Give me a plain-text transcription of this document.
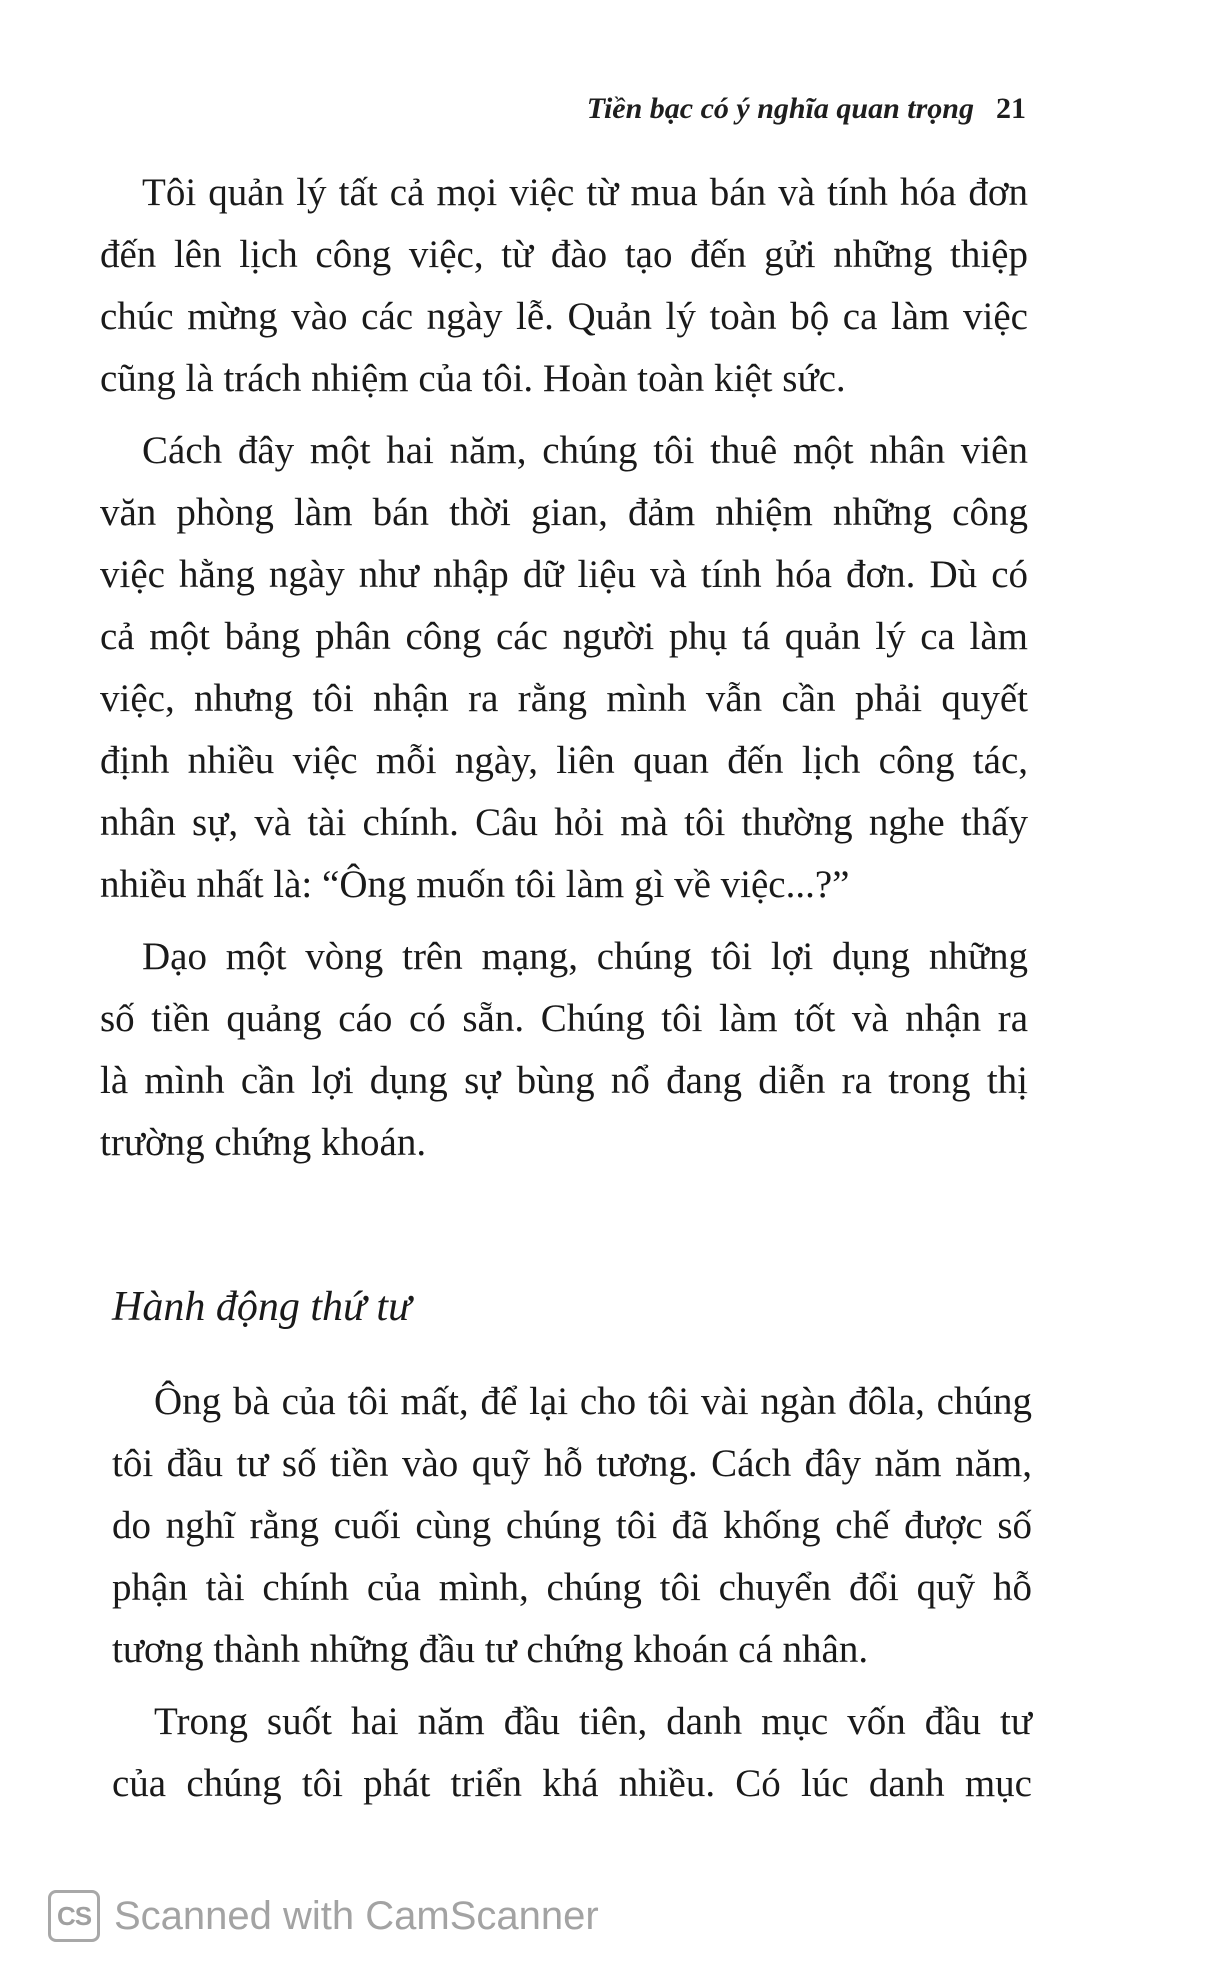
Tiền bạc có ý nghĩa quan trọng 21

Tôi quản lý tất cả mọi việc từ mua bán và tính hóa đơn
đến lên lịch công việc, từ đào tạo đến gửi những thiệp
chúc mừng vào các ngày lễ. Quản lý toàn bộ ca làm việc
cũng là trách nhiệm của tôi. Hoàn toàn kiệt sức.

Cách đây một hai năm, chúng tôi thuê một nhân viên
văn phòng làm bán thời gian, đảm nhiệm những công
việc hằng ngày như nhập dữ liệu và tính hóa đơn. Dù có
cả một bảng phân công các người phụ tá quản lý ca làm
việc, nhưng tôi nhận ra rằng mình vẫn cần phải quyết
định nhiều việc mỗi ngày, liên quan đến lịch công tác,
nhân sự, và tài chính. Câu hỏi mà tôi thường nghe thấy
nhiều nhất là: “Ông muốn tôi làm gì về việc...?”

Dạo một vòng trên mạng, chúng tôi lợi dụng những
số tiền quảng cáo có sẵn. Chúng tôi làm tốt và nhận ra
là mình cần lợi dụng sự bùng nổ đang diễn ra trong thị
trường chứng khoán.

Hành động thứ tư

Ông bà của tôi mất, để lại cho tôi vài ngàn đôla, chúng
tôi đầu tư số tiền vào quỹ hỗ tương. Cách đây năm năm,
do nghĩ rằng cuối cùng chúng tôi đã khống chế được số
phận tài chính của mình, chúng tôi chuyển đổi quỹ hỗ
tương thành những đầu tư chứng khoán cá nhân.

Trong suốt hai năm đầu tiên, danh mục vốn đầu tư
của chúng tôi phát triển khá nhiều. Có lúc danh mục

CS Scanned with CamScanner
